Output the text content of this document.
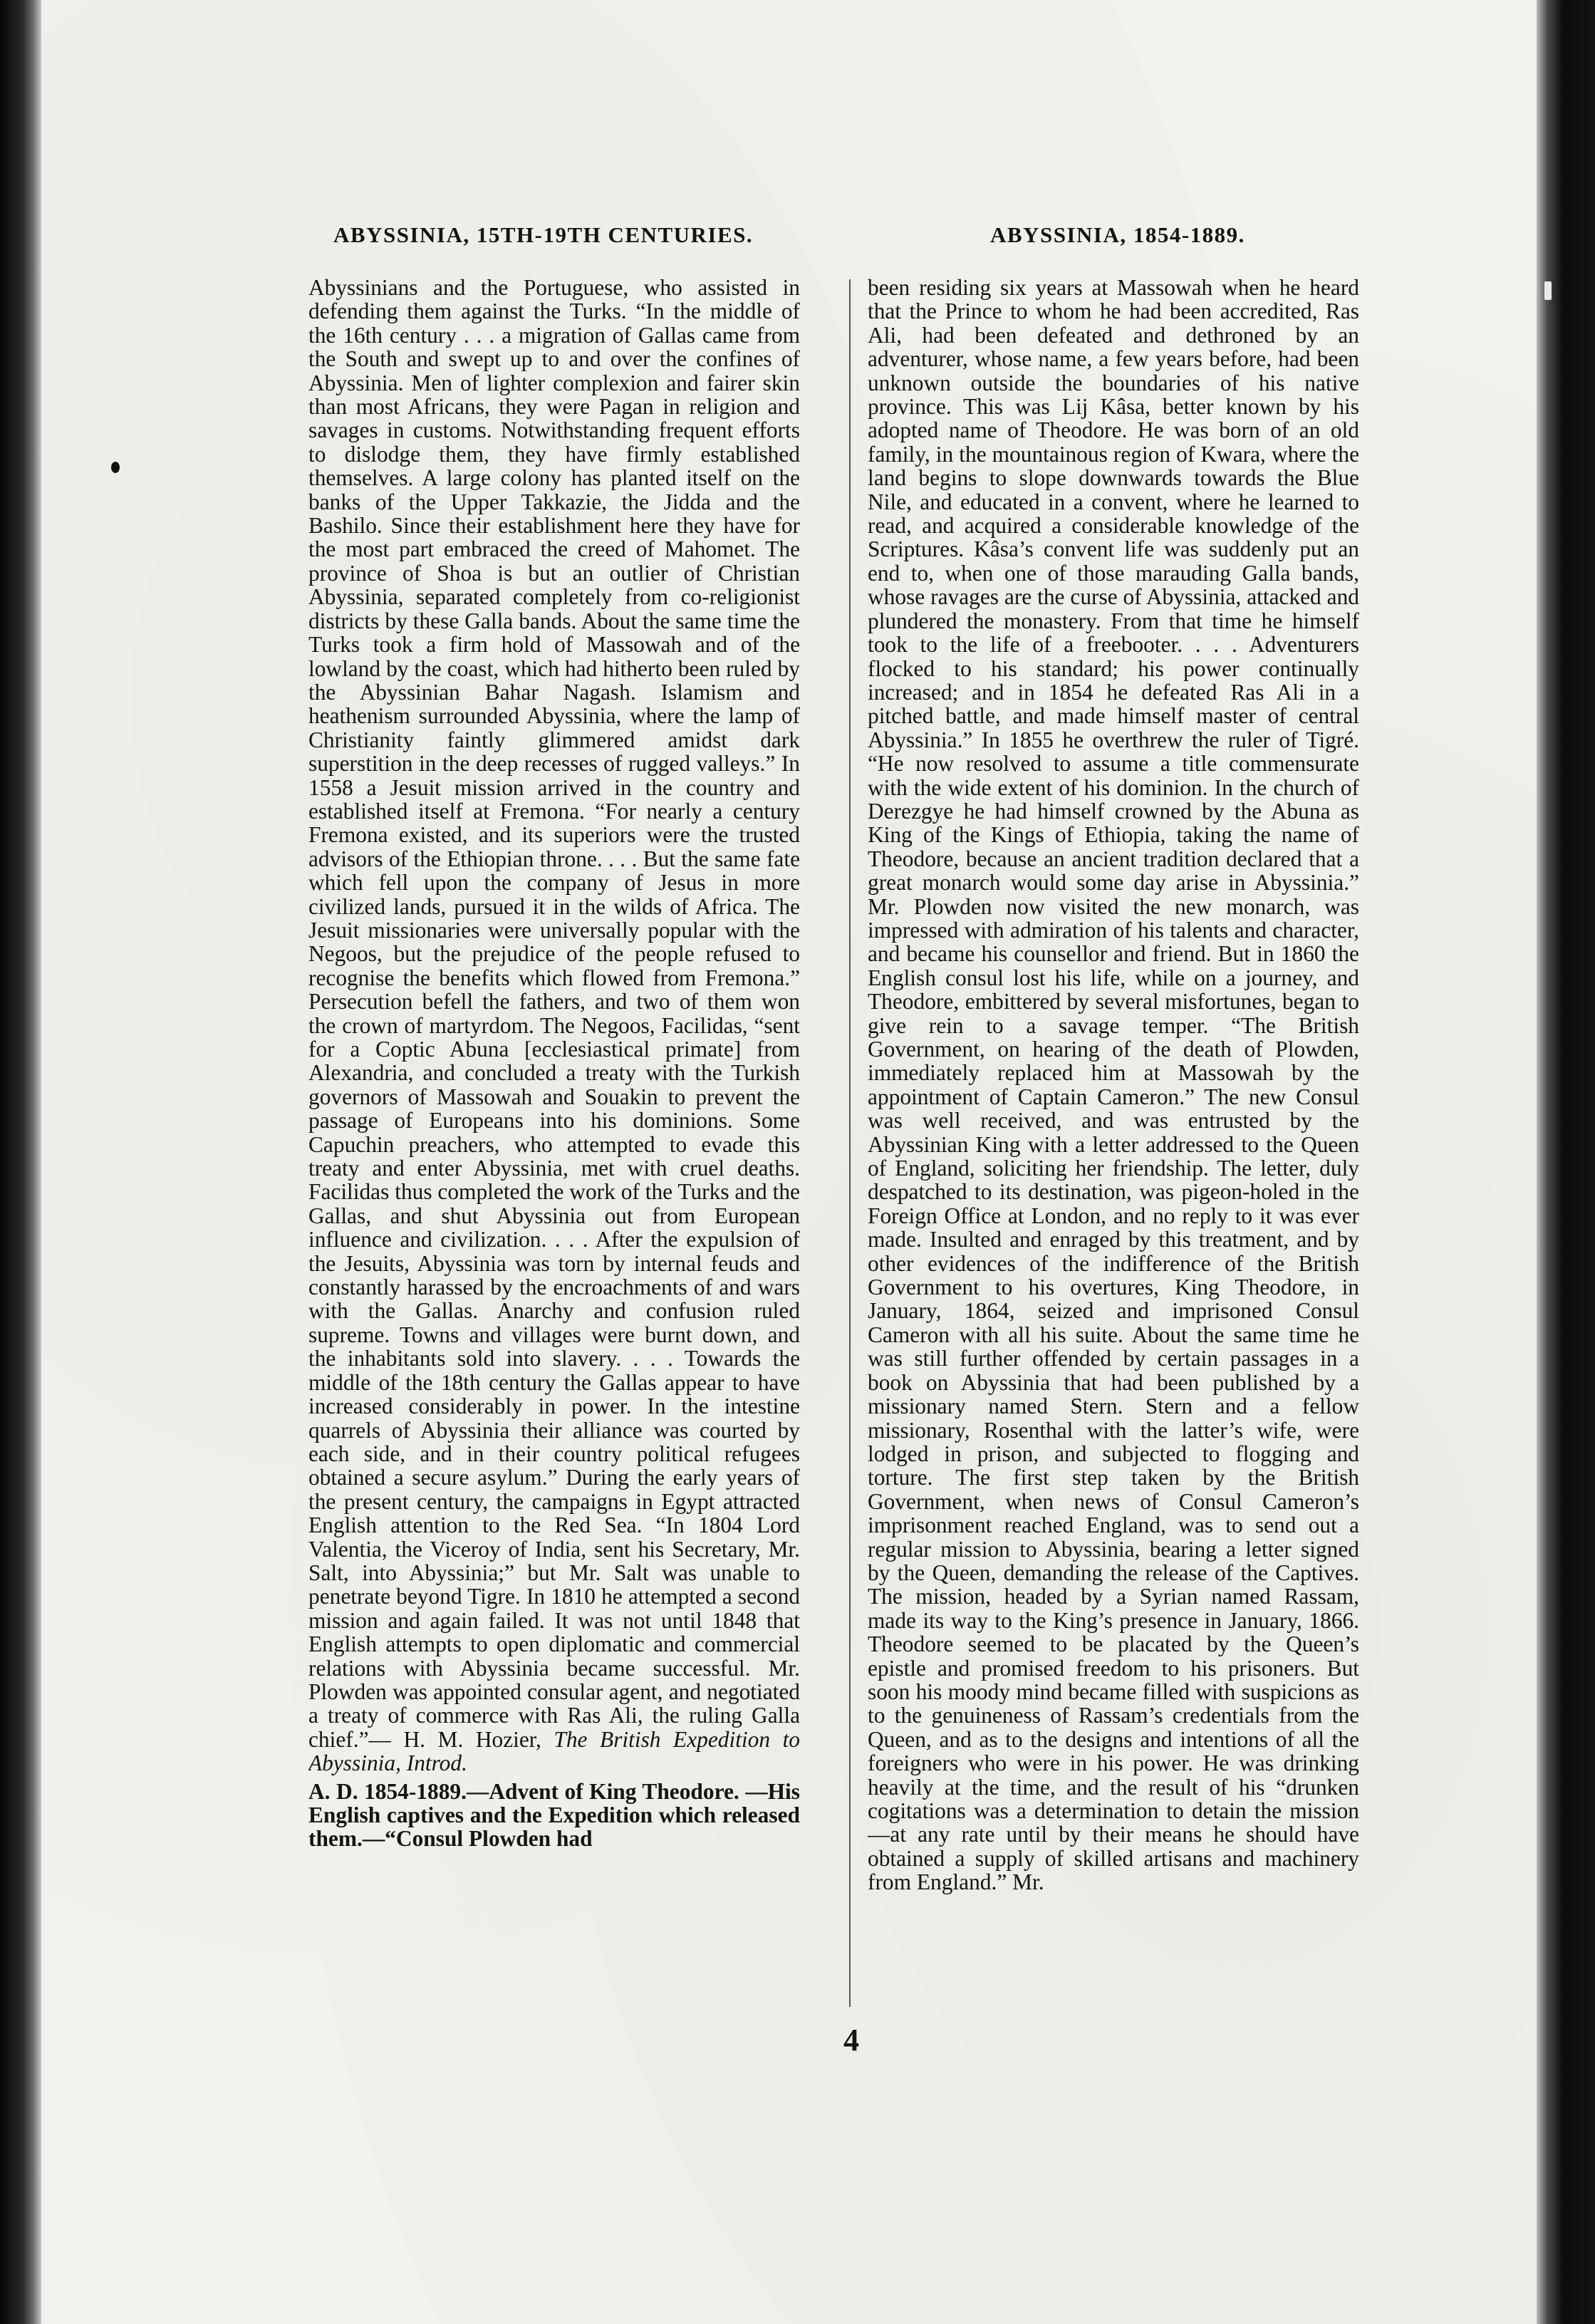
ABYSSINIA, 15TH-19TH CENTURIES.	ABYSSINIA, 1854-1889.

Abyssinians and the Portuguese, who assisted in defending them against the Turks. “In the middle of the 16th century . . . a migration of Gallas came from the South and swept up to and over the confines of Abyssinia. Men of lighter complexion and fairer skin than most Africans, they were Pagan in religion and savages in customs. Notwithstanding frequent efforts to dislodge them, they have firmly established themselves. A large colony has planted itself on the banks of the Upper Takkazie, the Jidda and the Bashilo. Since their establishment here they have for the most part embraced the creed of Mahomet. The province of Shoa is but an outlier of Christian Abyssinia, separated completely from co-religionist districts by these Galla bands. About the same time the Turks took a firm hold of Massowah and of the lowland by the coast, which had hitherto been ruled by the Abyssinian Bahar Nagash. Islamism and heathenism surrounded Abyssinia, where the lamp of Christianity faintly glimmered amidst dark superstition in the deep recesses of rugged valleys.” In 1558 a Jesuit mission arrived in the country and established itself at Fremona. “For nearly a century Fremona existed, and its superiors were the trusted advisors of the Ethiopian throne. . . . But the same fate which fell upon the company of Jesus in more civilized lands, pursued it in the wilds of Africa. The Jesuit missionaries were universally popular with the Negoos, but the prejudice of the people refused to recognise the benefits which flowed from Fremona.” Persecution befell the fathers, and two of them won the crown of martyrdom. The Negoos, Facilidas, “sent for a Coptic Abuna [ecclesiastical primate] from Alexandria, and concluded a treaty with the Turkish governors of Massowah and Souakin to prevent the passage of Europeans into his dominions. Some Capuchin preachers, who attempted to evade this treaty and enter Abyssinia, met with cruel deaths. Facilidas thus completed the work of the Turks and the Gallas, and shut Abyssinia out from European influence and civilization. . . . After the expulsion of the Jesuits, Abyssinia was torn by internal feuds and constantly harassed by the encroachments of and wars with the Gallas. Anarchy and confusion ruled supreme. Towns and villages were burnt down, and the inhabitants sold into slavery. . . . Towards the middle of the 18th century the Gallas appear to have increased considerably in power. In the intestine quarrels of Abyssinia their alliance was courted by each side, and in their country political refugees obtained a secure asylum.” During the early years of the present century, the campaigns in Egypt attracted English attention to the Red Sea. “In 1804 Lord Valentia, the Viceroy of India, sent his Secretary, Mr. Salt, into Abyssinia;” but Mr. Salt was unable to penetrate beyond Tigre. In 1810 he attempted a second mission and again failed. It was not until 1848 that English attempts to open diplomatic and commercial relations with Abyssinia became successful. Mr. Plowden was appointed consular agent, and negotiated a treaty of commerce with Ras Ali, the ruling Galla chief.”— H. M. Hozier, The British Expedition to Abyssinia, Introd.

A. D. 1854-1889.—Advent of King Theodore. —His English captives and the Expedition which released them.—“Consul Plowden had

been residing six years at Massowah when he heard that the Prince to whom he had been accredited, Ras Ali, had been defeated and dethroned by an adventurer, whose name, a few years before, had been unknown outside the boundaries of his native province. This was Lij Kâsa, better known by his adopted name of Theodore. He was born of an old family, in the mountainous region of Kwara, where the land begins to slope downwards towards the Blue Nile, and educated in a convent, where he learned to read, and acquired a considerable knowledge of the Scriptures. Kâsa’s convent life was suddenly put an end to, when one of those marauding Galla bands, whose ravages are the curse of Abyssinia, attacked and plundered the monastery. From that time he himself took to the life of a freebooter. . . . Adventurers flocked to his standard; his power continually increased; and in 1854 he defeated Ras Ali in a pitched battle, and made himself master of central Abyssinia.” In 1855 he overthrew the ruler of Tigré. “He now resolved to assume a title commensurate with the wide extent of his dominion. In the church of Derezgye he had himself crowned by the Abuna as King of the Kings of Ethiopia, taking the name of Theodore, because an ancient tradition declared that a great monarch would some day arise in Abyssinia.” Mr. Plowden now visited the new monarch, was impressed with admiration of his talents and character, and became his counsellor and friend. But in 1860 the English consul lost his life, while on a journey, and Theodore, embittered by several misfortunes, began to give rein to a savage temper. “The British Government, on hearing of the death of Plowden, immediately replaced him at Massowah by the appointment of Captain Cameron.” The new Consul was well received, and was entrusted by the Abyssinian King with a letter addressed to the Queen of England, soliciting her friendship. The letter, duly despatched to its destination, was pigeon-holed in the Foreign Office at London, and no reply to it was ever made. Insulted and enraged by this treatment, and by other evidences of the indifference of the British Government to his overtures, King Theodore, in January, 1864, seized and imprisoned Consul Cameron with all his suite. About the same time he was still further offended by certain passages in a book on Abyssinia that had been published by a missionary named Stern. Stern and a fellow missionary, Rosenthal with the latter’s wife, were lodged in prison, and subjected to flogging and torture. The first step taken by the British Government, when news of Consul Cameron’s imprisonment reached England, was to send out a regular mission to Abyssinia, bearing a letter signed by the Queen, demanding the release of the Captives. The mission, headed by a Syrian named Rassam, made its way to the King’s presence in January, 1866. Theodore seemed to be placated by the Queen’s epistle and promised freedom to his prisoners. But soon his moody mind became filled with suspicions as to the genuineness of Rassam’s credentials from the Queen, and as to the designs and intentions of all the foreigners who were in his power. He was drinking heavily at the time, and the result of his “drunken cogitations was a determination to detain the mission—at any rate until by their means he should have obtained a supply of skilled artisans and machinery from England.” Mr.

4
